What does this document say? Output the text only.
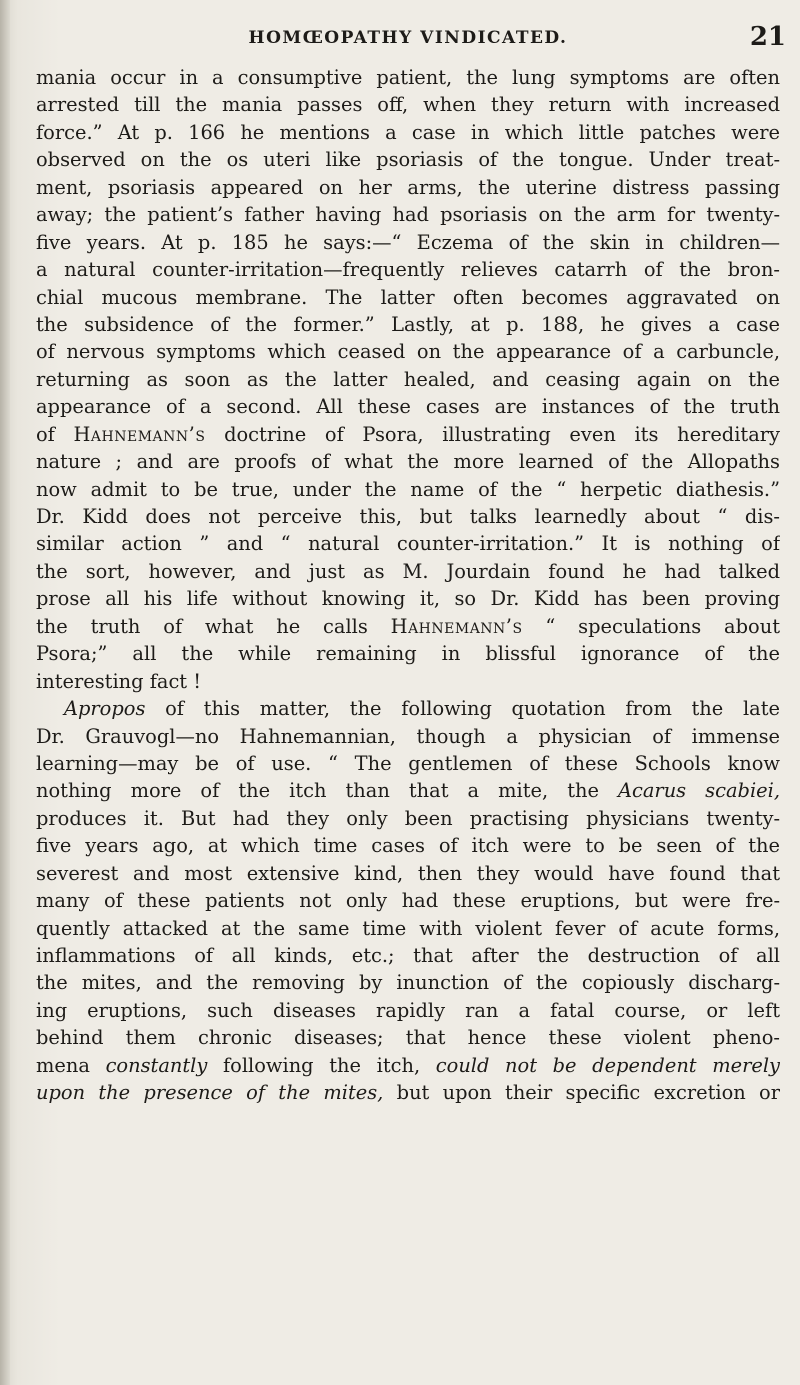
HOMŒOPATHY VINDICATED.	21
mania occur in a consumptive patient, the lung symptoms are often
arrested till the mania passes off, when they return with increased
force.” At p. 166 he mentions a case in which little patches were
observed on the os uteri like psoriasis of the tongue. Under treat-
ment, psoriasis appeared on her arms, the uterine distress passing
away; the patient’s father having had psoriasis on the arm for twenty-
five years. At p. 185 he says:—“ Eczema of the skin in children—
a natural counter-irritation—frequently relieves catarrh of the bron-
chial mucous membrane. The latter often becomes aggravated on
the subsidence of the former.” Lastly, at p. 188, he gives a case
of nervous symptoms which ceased on the appearance of a carbuncle,
returning as soon as the latter healed, and ceasing again on the
appearance of a second. All these cases are instances of the truth
of Hahnemann’s doctrine of Psora, illustrating even its hereditary
nature ; and are proofs of what the more learned of the Allopaths
now admit to be true, under the name of the “ herpetic diathesis.”
Dr. Kidd does not perceive this, but talks learnedly about “ dis-
similar action ” and “ natural counter-irritation.” It is nothing of
the sort, however, and just as M. Jourdain found he had talked
prose all his life without knowing it, so Dr. Kidd has been proving
the truth of what he calls Hahnemann’s “ speculations about
Psora;” all the while remaining in blissful ignorance of the
interesting fact !
Apropos of this matter, the following quotation from the late
Dr. Grauvogl—no Hahnemannian, though a physician of immense
learning—may be of use. “ The gentlemen of these Schools know
nothing more of the itch than that a mite, the Acarus scabiei,
produces it. But had they only been practising physicians twenty-
five years ago, at which time cases of itch were to be seen of the
severest and most extensive kind, then they would have found that
many of these patients not only had these eruptions, but were fre-
quently attacked at the same time with violent fever of acute forms,
inflammations of all kinds, etc.; that after the destruction of all
the mites, and the removing by inunction of the copiously discharg-
ing eruptions, such diseases rapidly ran a fatal course, or left
behind them chronic diseases; that hence these violent pheno-
mena constantly following the itch, could not be dependent merely
upon the presence of the mites, but upon their specific excretion or
